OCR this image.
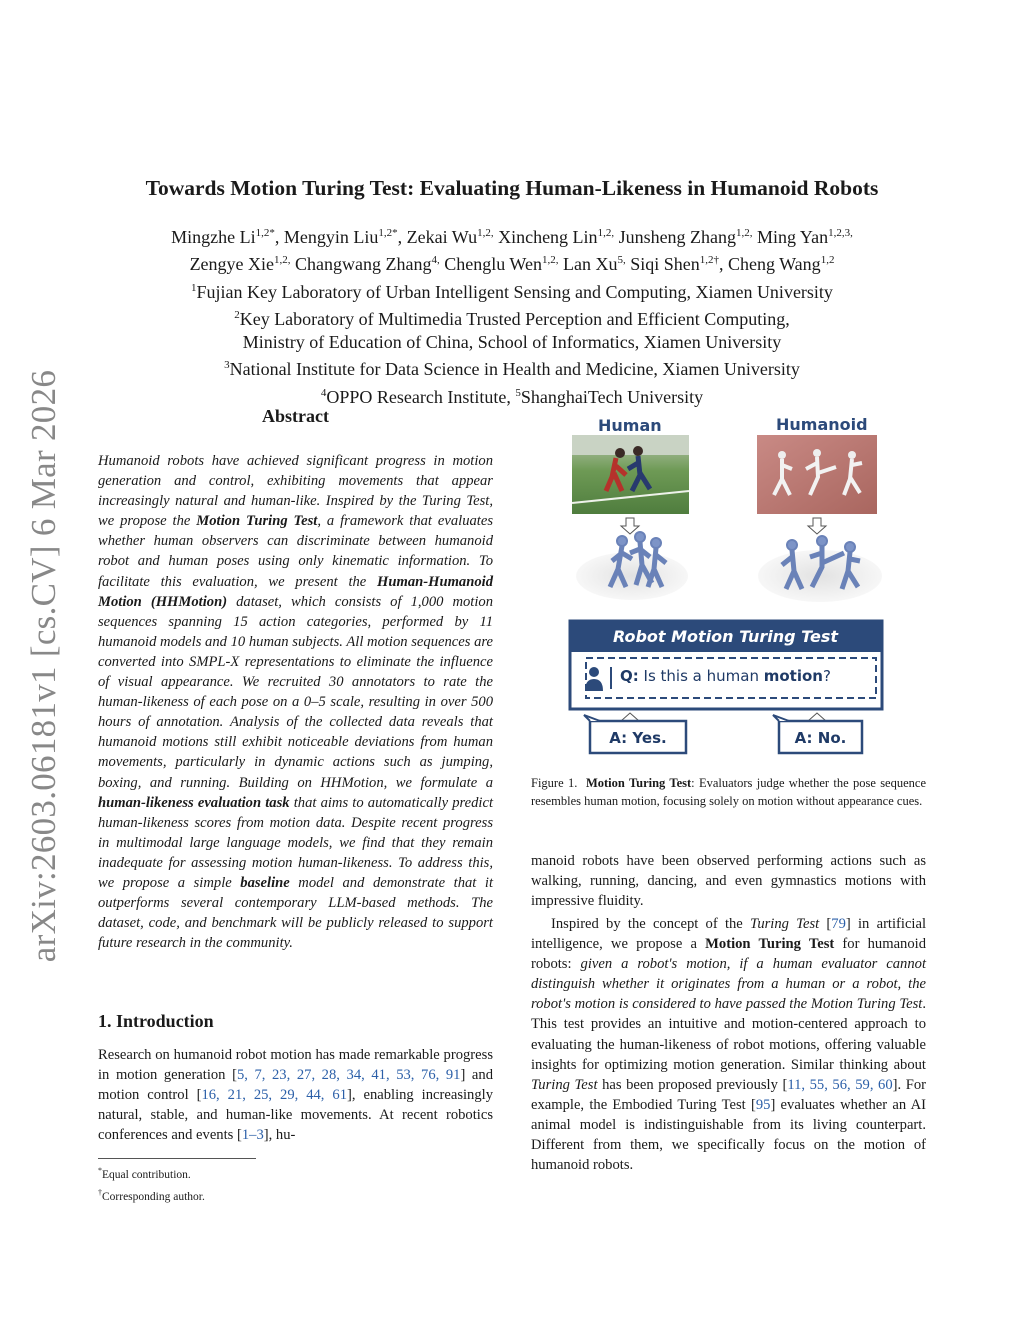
arXiv:2603.06181v1 [cs.CV] 6 Mar 2026
Towards Motion Turing Test: Evaluating Human-Likeness in Humanoid Robots
Mingzhe $Li^{1,2*}$, Mengyin Liu$^{1,2*}$, Zekai $Wu^{1,2,}$ Xincheng Lin$^{1,2,}$ Junsheng Zhang$^{1,2,}$ Ming Yan$^{1,2,3,}$
Zengye Xie$^{1,2,}$ Changwang Zhang$^{4,}$ Chenglu Wen$^{1,2,}$ Lan $Xu^{5,}$ Siqi Shen$^{1,2\dagger}$, Cheng Wang$^{1,2}$
$^1$Fujian Key Laboratory of Urban Intelligent Sensing and Computing, Xiamen University
$^2$Key Laboratory of Multimedia Trusted Perception and Efficient Computing,
Ministry of Education of China, School of Informatics, Xiamen University
$^3$National Institute for Data Science in Health and Medicine, Xiamen University
$^4$OPPO Research Institute, $^5$ShanghaiTech University
Abstract
Humanoid robots have achieved significant progress in motion generation and control, exhibiting movements that appear increasingly natural and human-like. Inspired by the Turing Test, we propose the Motion Turing Test, a framework that evaluates whether human observers can discriminate between humanoid robot and human poses using only kinematic information. To facilitate this evaluation, we present the Human-Humanoid Motion (HHMotion) dataset, which consists of 1,000 motion sequences spanning 15 action categories, performed by 11 humanoid models and 10 human subjects. All motion sequences are converted into SMPL-X representations to eliminate the influence of visual appearance. We recruited 30 annotators to rate the human-likeness of each pose on a 0–5 scale, resulting in over 500 hours of annotation. Analysis of the collected data reveals that humanoid motions still exhibit noticeable deviations from human movements, particularly in dynamic actions such as jumping, boxing, and running. Building on HHMotion, we formulate a human-likeness evaluation task that aims to automatically predict human-likeness scores from motion data. Despite recent progress in multimodal large language models, we find that they remain inadequate for assessing motion human-likeness. To address this, we propose a simple baseline model and demonstrate that it outperforms several contemporary LLM-based methods. The dataset, code, and benchmark will be publicly released to support future research in the community.
1. Introduction
Research on humanoid robot motion has made remarkable progress in motion generation [5, 7, 23, 27, 28, 34, 41, 53, 76, 91] and motion control [16, 21, 25, 29, 44, 61], enabling increasingly natural, stable, and human-like movements. At recent robotics conferences and events [1–3], hu-
*Equal contribution.
†Corresponding author.
Human	Humanoid
Robot Motion Turing Test
Q: Is this a human motion?
A: Yes.	A: No.
Figure 1. Motion Turing Test: Evaluators judge whether the pose sequence resembles human motion, focusing solely on motion without appearance cues.
manoid robots have been observed performing actions such as walking, running, dancing, and even gymnastics motions with impressive fluidity.
Inspired by the concept of the Turing Test [79] in artificial intelligence, we propose a Motion Turing Test for humanoid robots: given a robot's motion, if a human evaluator cannot distinguish whether it originates from a human or a robot, the robot's motion is considered to have passed the Motion Turing Test. This test provides an intuitive and motion-centered approach to evaluating the human-likeness of robot motions, offering valuable insights for optimizing motion generation. Similar thinking about Turing Test has been proposed previously [11, 55, 56, 59, 60]. For example, the Embodied Turing Test [95] evaluates whether an AI animal model is indistinguishable from its living counterpart. Different from them, we specifically focus on the motion of humanoid robots.
